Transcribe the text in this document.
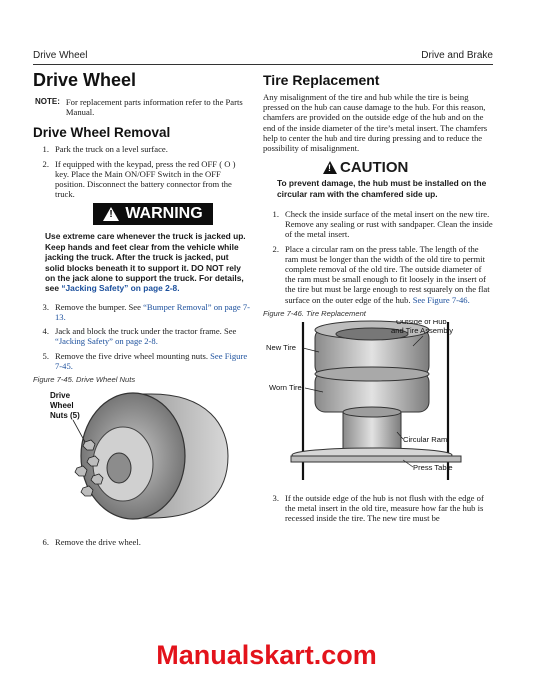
Drive Wheel	Drive and Brake
Drive Wheel
NOTE: For replacement parts information refer to the Parts Manual.
Drive Wheel Removal
1. Park the truck on a level surface.
2. If equipped with the keypad, press the red OFF ( O ) key. Place the Main ON/OFF Switch in the OFF position. Disconnect the battery connector from the truck.
!
WARNING
Use extreme care whenever the truck is jacked up. Keep hands and feet clear from the vehicle while jacking the truck. After the truck is jacked, put solid blocks beneath it to support it. DO NOT rely on the jack alone to support the truck. For details, see “Jacking Safety” on page 2-8.
3. Remove the bumper. See “Bumper Removal” on page 7-13.
4. Jack and block the truck under the tractor frame. See “Jacking Safety” on page 2-8.
5. Remove the five drive wheel mounting nuts. See Figure 7-45.
Figure 7-45. Drive Wheel Nuts
Drive Wheel Nuts (5)
6. Remove the drive wheel.
Tire Replacement
Any misalignment of the tire and hub while the tire is being pressed on the hub can cause damage to the hub. For this reason, chamfers are provided on the outside edge of the hub and on the end of the inside diameter of the tire’s metal insert. The chamfers help to center the hub and tire during pressing and to reduce the possibility of misalignment.
!
CAUTION
To prevent damage, the hub must be installed on the circular ram with the chamfered side up.
1. Check the inside surface of the metal insert on the new tire. Remove any sealing or rust with sandpaper. Clean the inside of the metal insert.
2. Place a circular ram on the press table. The length of the ram must be longer than the width of the old tire to permit complete removal of the old tire. The outside diameter of the ram must be small enough to fit loosely in the insert of the tire but must be large enough to rest squarely on the flat surface on the outer edge of the hub. See Figure 7-46.
Figure 7-46. Tire Replacement
Outside of Hub and Tire Assembly
New Tire
Worn Tire
Circular Ram
Press Table
3. If the outside edge of the hub is not flush with the edge of the metal insert in the old tire, measure how far the hub is recessed inside the tire. The new tire must be
Manualskart.com
